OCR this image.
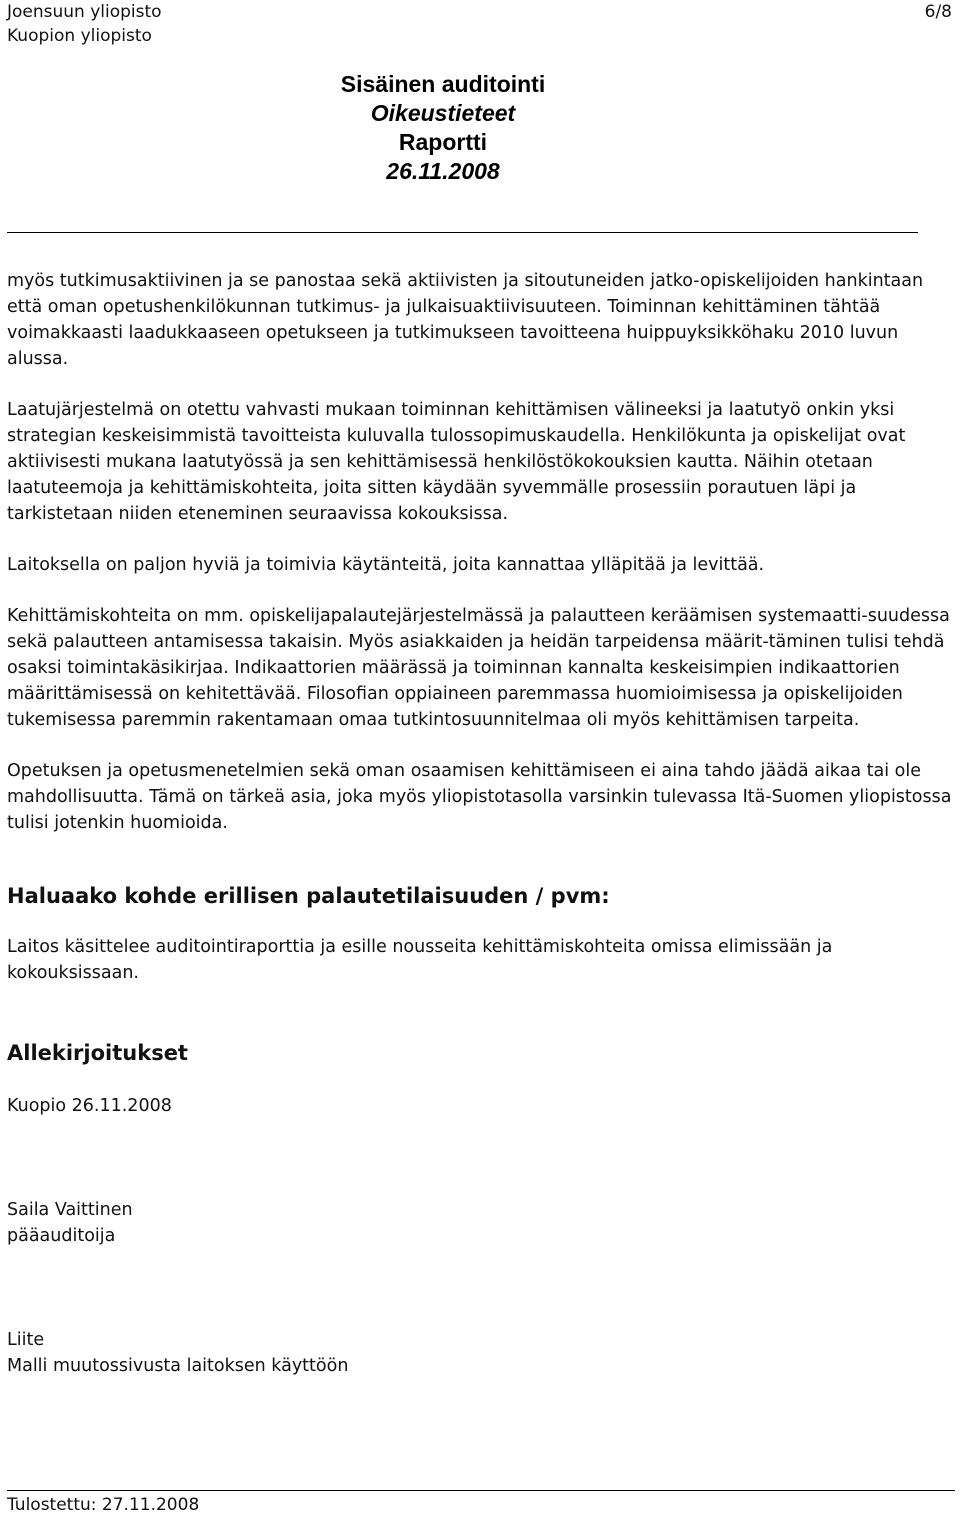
Joensuun yliopisto
Kuopion yliopisto
6/8
Sisäinen auditointi
Oikeustieteet
Raportti
26.11.2008

myös tutkimusaktiivinen ja se panostaa sekä aktiivisten ja sitoutuneiden jatko-opiskelijoiden hankintaan että oman opetushenkilökunnan tutkimus- ja julkaisuaktiivisuuteen. Toiminnan kehittäminen tähtää voimakkaasti laadukkaaseen opetukseen ja tutkimukseen tavoitteena huippuyksikköhaku 2010 luvun alussa.

Laatujärjestelmä on otettu vahvasti mukaan toiminnan kehittämisen välineeksi ja laatutyö onkin yksi strategian keskeisimmistä tavoitteista kuluvalla tulossopimuskaudella. Henkilökunta ja opiskelijat ovat aktiivisesti mukana laatutyössä ja sen kehittämisessä henkilöstökokouksien kautta. Näihin otetaan laatuteemoja ja kehittämiskohteita, joita sitten käydään syvemmälle prosessiin porautuen läpi ja tarkistetaan niiden eteneminen seuraavissa kokouksissa.

Laitoksella on paljon hyviä ja toimivia käytänteitä, joita kannattaa ylläpitää ja levittää.

Kehittämiskohteita on mm. opiskelijapalautejärjestelmässä ja palautteen keräämisen systemaatti-suudessa sekä palautteen antamisessa takaisin. Myös asiakkaiden ja heidän tarpeidensa määrit-täminen tulisi tehdä osaksi toimintakäsikirjaa. Indikaattorien määrässä ja toiminnan kannalta keskeisimpien indikaattorien määrittämisessä on kehitettävää. Filosofian oppiaineen paremmassa huomioimisessa ja opiskelijoiden tukemisessa paremmin rakentamaan omaa tutkintosuunnitelmaa oli myös kehittämisen tarpeita.

Opetuksen ja opetusmenetelmien sekä oman osaamisen kehittämiseen ei aina tahdo jäädä aikaa tai ole mahdollisuutta. Tämä on tärkeä asia, joka myös yliopistotasolla varsinkin tulevassa Itä-Suomen yliopistossa tulisi jotenkin huomioida.

Haluaako kohde erillisen palautetilaisuuden / pvm:

Laitos käsittelee auditointiraporttia ja esille nousseita kehittämiskohteita omissa elimissään ja kokouksissaan.

Allekirjoitukset
Kuopio 26.11.2008
Saila Vaittinen
pääauditoija
Liite
Malli muutossivusta laitoksen käyttöön
Tulostettu: 27.11.2008
